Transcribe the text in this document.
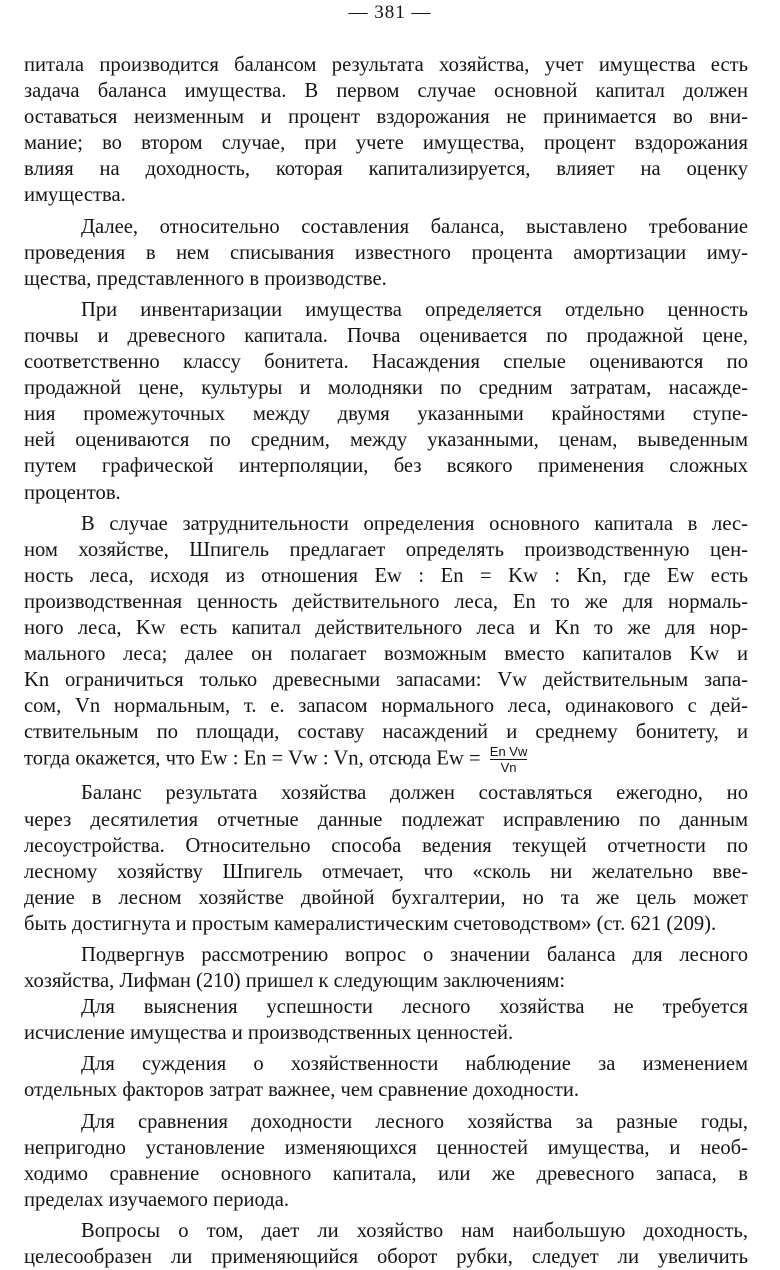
— 381 —
питала производится балансом результата хозяйства, учет имущества есть
задача баланса имущества. В первом случае основной капитал должен
оставаться неизменным и процент вздорожания не принимается во вни-
мание; во втором случае, при учете имущества, процент вздорожания
влияя на доходность, которая капитализируется, влияет на оценку
имущества.
Далее, относительно составления баланса, выставлено требование
проведения в нем списывания известного процента амортизации иму-
щества, представленного в производстве.
При инвентаризации имущества определяется отдельно ценность
почвы и древесного капитала. Почва оценивается по продажной цене,
соответственно классу бонитета. Насаждения спелые оцениваются по
продажной цене, культуры и молодняки по средним затратам, насажде-
ния промежуточных между двумя указанными крайностями ступе-
ней оцениваются по средним, между указанными, ценам, выведенным
путем графической интерполяции, без всякого применения сложных
процентов.
В случае затруднительности определения основного капитала в лес-
ном хозяйстве, Шпигель предлагает определять производственную цен-
ность леса, исходя из отношения Ew : En = Kw : Kn, где Ew есть
производственная ценность действительного леса, En то же для нормаль-
ного леса, Kw есть капитал действительного леса и Kn то же для нор-
мального леса; далее он полагает возможным вместо капиталов Kw и
Kn ограничиться только древесными запасами: Vw действительным запа-
сом, Vn нормальным, т. е. запасом нормального леса, одинакового с дей-
ствительным по площади, составу насаждений и среднему бонитету, и
тогда окажется, что Ew : En = Vw : Vn, отсюда $Ew = \frac{\text{En Vw}}{Vn}$
Баланс результата хозяйства должен составляться ежегодно, но
через десятилетия отчетные данные подлежат исправлению по данным
лесоустройства. Относительно способа ведения текущей отчетности по
лесному хозяйству Шпигель отмечает, что «сколь ни желательно вве-
дение в лесном хозяйстве двойной бухгалтерии, но та же цель может
быть достигнута и простым камералистическим счетоводством» (ст. 621 (209).
Подвергнув рассмотрению вопрос о значении баланса для лесного
хозяйства, Лифман (210) пришел к следующим заключениям:
Для выяснения успешности лесного хозяйства не требуется
исчисление имущества и производственных ценностей.
Для суждения о хозяйственности наблюдение за изменением
отдельных факторов затрат важнее, чем сравнение доходности.
Для сравнения доходности лесного хозяйства за разные годы,
непригодно установление изменяющихся ценностей имущества, и необ-
ходимо сравнение основного капитала, или же древесного запаса, в
пределах изучаемого периода.
Вопросы о том, дает ли хозяйство нам наибольшую доходность,
целесообразен ли применяющийся оборот рубки, следует ли увеличить
